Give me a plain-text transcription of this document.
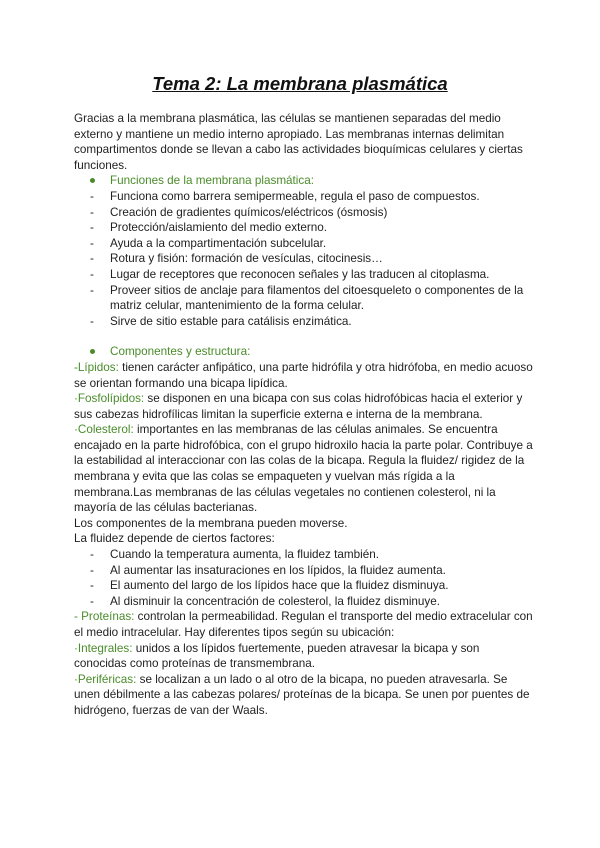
Tema 2: La membrana plasmática

Gracias a la membrana plasmática, las células se mantienen separadas del medio externo y mantiene un medio interno apropiado. Las membranas internas delimitan compartimentos donde se llevan a cabo las actividades bioquímicas celulares y ciertas funciones.

Funciones de la membrana plasmática:
- Funciona como barrera semipermeable, regula el paso de compuestos.
- Creación de gradientes químicos/eléctricos (ósmosis)
- Protección/aislamiento del medio externo.
- Ayuda a la compartimentación subcelular.
- Rotura y fisión: formación de vesículas, citocinesis…
- Lugar de receptores que reconocen señales y las traducen al citoplasma.
- Proveer sitios de anclaje para filamentos del citoesqueleto o componentes de la matriz celular, mantenimiento de la forma celular.
- Sirve de sitio estable para catálisis enzimática.
Componentes y estructura:

-Lípidos: tienen carácter anfipático, una parte hidrófila y otra hidrófoba, en medio acuoso se orientan formando una bicapa lipídica.

·Fosfolípidos: se disponen en una bicapa con sus colas hidrofóbicas hacia el exterior y sus cabezas hidrofílicas limitan la superficie externa e interna de la membrana.

·Colesterol: importantes en las membranas de las células animales. Se encuentra encajado en la parte hidrofóbica, con el grupo hidroxilo hacia la parte polar. Contribuye a la estabilidad al interaccionar con las colas de la bicapa. Regula la fluidez/ rigidez de la membrana y evita que las colas se empaqueten y vuelvan más rígida a la membrana.Las membranas de las células vegetales no contienen colesterol, ni la mayoría de las células bacterianas.

Los componentes de la membrana pueden moverse.

La fluidez depende de ciertos factores:

- Cuando la temperatura aumenta, la fluidez también.
- Al aumentar las insaturaciones en los lípidos, la fluidez aumenta.
- El aumento del largo de los lípidos hace que la fluidez disminuya.
- Al disminuir la concentración de colesterol, la fluidez disminuye.

- Proteínas: controlan la permeabilidad. Regulan el transporte del medio extracelular con el medio intracelular. Hay diferentes tipos según su ubicación:

·Integrales: unidos a los lípidos fuertemente, pueden atravesar la bicapa y son conocidas como proteínas de transmembrana.

·Periféricas: se localizan a un lado o al otro de la bicapa, no pueden atravesarla. Se unen débilmente a las cabezas polares/ proteínas de la bicapa. Se unen por puentes de hidrógeno, fuerzas de van der Waals.
